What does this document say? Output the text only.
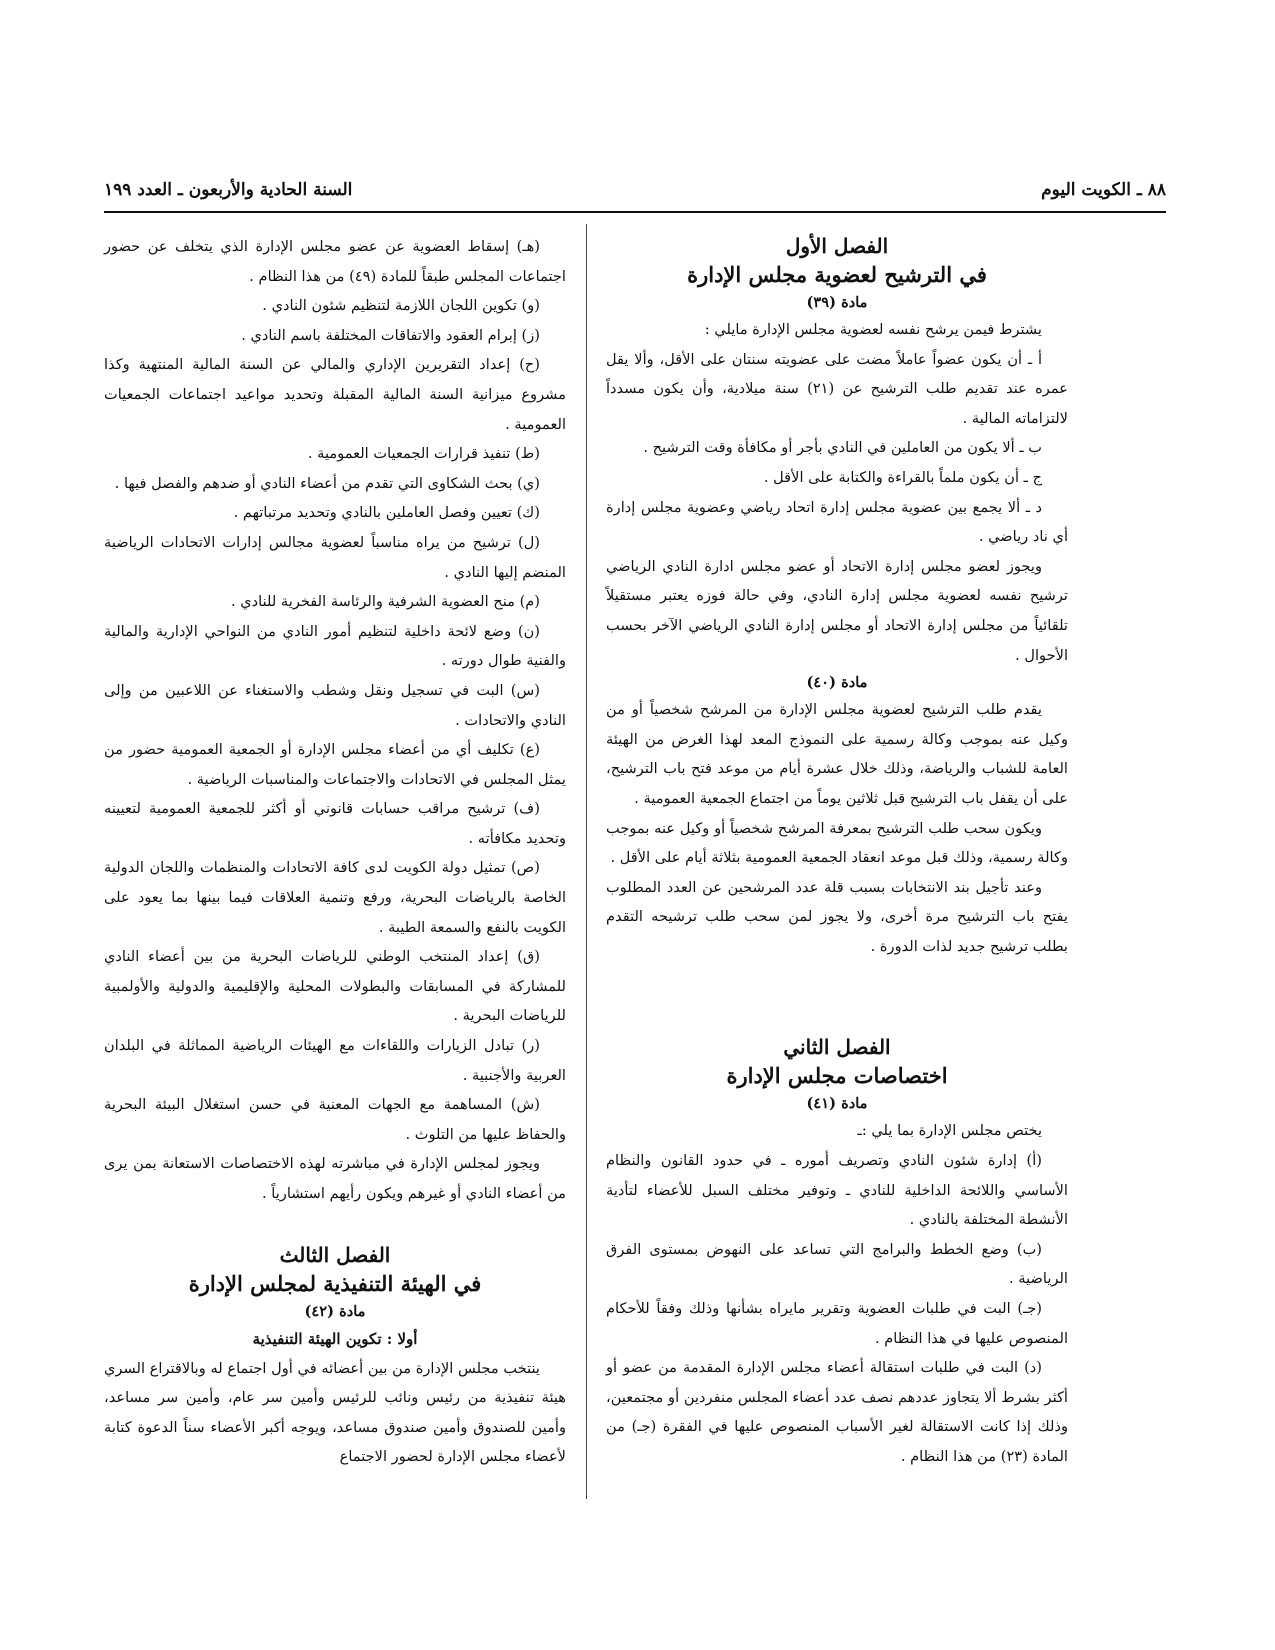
٨٨ ـ الكويت اليوم
السنة الحادية والأربعون ـ العدد ١٩٩

الفصل الأول

في الترشيح لعضوية مجلس الإدارة

مادة (٣٩)

يشترط فيمن يرشح نفسه لعضوية مجلس الإدارة مايلي :

أ ـ أن يكون عضواً عاملاً مضت على عضويته سنتان على الأقل، وألا يقل عمره عند تقديم طلب الترشيح عن (٢١) سنة ميلادية، وأن يكون مسدداً لالتزاماته المالية .

ب ـ ألا يكون من العاملين في النادي بأجر أو مكافأة وقت الترشيح .

ج ـ أن يكون ملماً بالقراءة والكتابة على الأقل .

د ـ ألا يجمع بين عضوية مجلس إدارة اتحاد رياضي وعضوية مجلس إدارة أي ناد رياضي .

ويجوز لعضو مجلس إدارة الاتحاد أو عضو مجلس ادارة النادي الرياضي ترشيح نفسه لعضوية مجلس إدارة النادي، وفي حالة فوزه يعتبر مستقيلاً تلقائياً من مجلس إدارة الاتحاد أو مجلس إدارة النادي الرياضي الآخر بحسب الأحوال .

مادة (٤٠)

يقدم طلب الترشيح لعضوية مجلس الإدارة من المرشح شخصياً أو من وكيل عنه بموجب وكالة رسمية على النموذج المعد لهذا الغرض من الهيئة العامة للشباب والرياضة، وذلك خلال عشرة أيام من موعد فتح باب الترشيح، على أن يقفل باب الترشيح قبل ثلاثين يوماً من اجتماع الجمعية العمومية .

ويكون سحب طلب الترشيح بمعرفة المرشح شخصياً أو وكيل عنه بموجب وكالة رسمية، وذلك قبل موعد انعقاد الجمعية العمومية بثلاثة أيام على الأقل .

وعند تأجيل بند الانتخابات بسبب قلة عدد المرشحين عن العدد المطلوب يفتح باب الترشيح مرة أخرى، ولا يجوز لمن سحب طلب ترشيحه التقدم بطلب ترشيح جديد لذات الدورة .

الفصل الثاني

اختصاصات مجلس الإدارة

مادة (٤١)

يختص مجلس الإدارة بما يلي :ـ

(أ) إدارة شئون النادي وتصريف أموره ـ في حدود القانون والنظام الأساسي واللائحة الداخلية للنادي ـ وتوفير مختلف السبل للأعضاء لتأدية الأنشطة المختلفة بالنادي .

(ب) وضع الخطط والبرامج التي تساعد على النهوض بمستوى الفرق الرياضية .

(جـ) البت في طلبات العضوية وتقرير مايراه بشأنها وذلك وفقاً للأحكام المنصوص عليها في هذا النظام .

(د) البت في طلبات استقالة أعضاء مجلس الإدارة المقدمة من عضو أو أكثر بشرط ألا يتجاوز عددهم نصف عدد أعضاء المجلس منفردين أو مجتمعين، وذلك إذا كانت الاستقالة لغير الأسباب المنصوص عليها في الفقرة (جـ) من المادة (٢٣) من هذا النظام .

(هـ) إسقاط العضوية عن عضو مجلس الإدارة الذي يتخلف عن حضور اجتماعات المجلس طبقاً للمادة (٤٩) من هذا النظام .

(و) تكوين اللجان اللازمة لتنظيم شئون النادي .

(ز) إبرام العقود والاتفاقات المختلفة باسم النادي .

(ح) إعداد التقريرين الإداري والمالي عن السنة المالية المنتهية وكذا مشروع ميزانية السنة المالية المقبلة وتحديد مواعيد اجتماعات الجمعيات العمومية .

(ط) تنفيذ قرارات الجمعيات العمومية .

(ي) بحث الشكاوى التي تقدم من أعضاء النادي أو ضدهم والفصل فيها .

(ك) تعيين وفصل العاملين بالنادي وتحديد مرتباتهم .

(ل) ترشيح من يراه مناسباً لعضوية مجالس إدارات الاتحادات الرياضية المنضم إليها النادي .

(م) منح العضوية الشرفية والرئاسة الفخرية للنادي .

(ن) وضع لائحة داخلية لتنظيم أمور النادي من النواحي الإدارية والمالية والفنية طوال دورته .

(س) البت في تسجيل ونقل وشطب والاستغناء عن اللاعبين من وإلى النادي والاتحادات .

(ع) تكليف أي من أعضاء مجلس الإدارة أو الجمعية العمومية حضور من يمثل المجلس في الاتحادات والاجتماعات والمناسبات الرياضية .

(ف) ترشيح مراقب حسابات قانوني أو أكثر للجمعية العمومية لتعيينه وتحديد مكافأته .

(ص) تمثيل دولة الكويت لدى كافة الاتحادات والمنظمات واللجان الدولية الخاصة بالرياضات البحرية، ورفع وتنمية العلاقات فيما بينها بما يعود على الكويت بالنفع والسمعة الطيبة .

(ق) إعداد المنتخب الوطني للرياضات البحرية من بين أعضاء النادي للمشاركة في المسابقات والبطولات المحلية والإقليمية والدولية والأولمبية للرياضات البحرية .

(ر) تبادل الزيارات واللقاءات مع الهيئات الرياضية المماثلة في البلدان العربية والأجنبية .

(ش) المساهمة مع الجهات المعنية في حسن استغلال البيئة البحرية والحفاظ عليها من التلوث .

ويجوز لمجلس الإدارة في مباشرته لهذه الاختصاصات الاستعانة بمن يرى من أعضاء النادي أو غيرهم ويكون رأيهم استشارياً .

الفصل الثالث

في الهيئة التنفيذية لمجلس الإدارة

مادة (٤٢)

أولا : تكوين الهيئة التنفيذية

ينتخب مجلس الإدارة من بين أعضائه في أول اجتماع له وبالاقتراع السري هيئة تنفيذية من رئيس ونائب للرئيس وأمين سر عام، وأمين سر مساعد، وأمين للصندوق وأمين صندوق مساعد، ويوجه أكبر الأعضاء سناً الدعوة كتابة لأعضاء مجلس الإدارة لحضور الاجتماع
